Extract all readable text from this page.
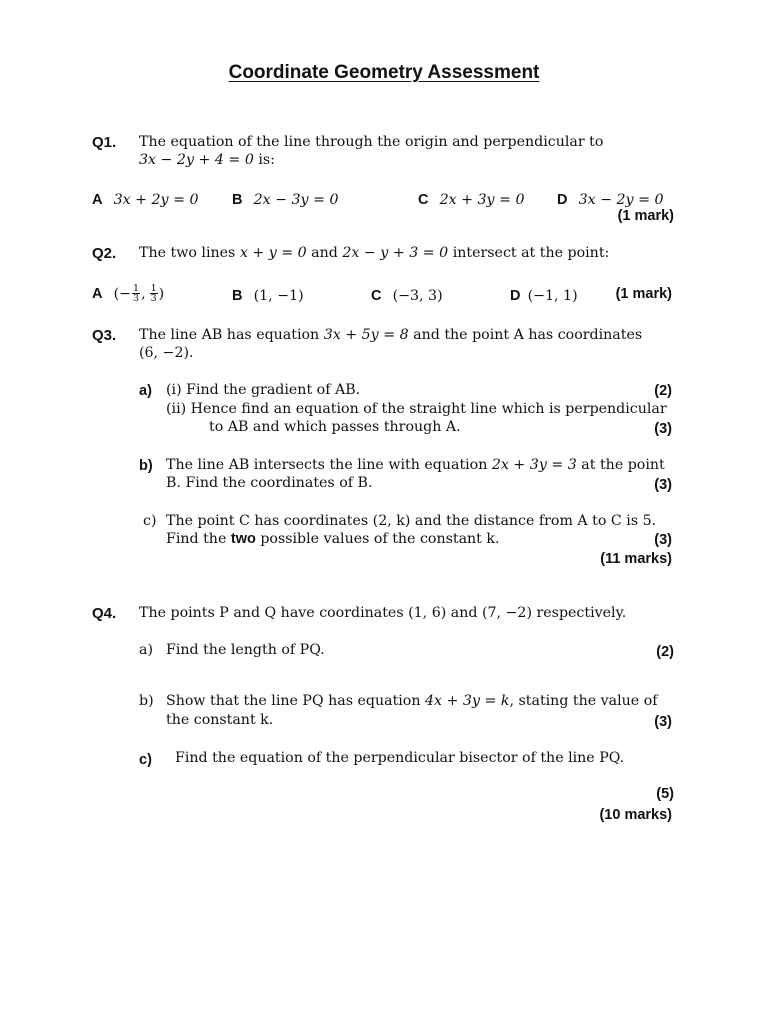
Coordinate Geometry Assessment
Q1. The equation of the line through the origin and perpendicular to
3𝑥 − 2𝑦 + 4 = 0 is:
A 3𝑥 + 2𝑦 = 0 B 2𝑥 − 3𝑦 = 0	C 2𝑥 + 3𝑦 = 0 D 3𝑥 − 2𝑦 = 0
(1 mark)
Q2. The two lines 𝑥 + 𝑦 = 0 and 2𝑥 − 𝑦 + 3 = 0 intersect at the point:
A (− $\frac{1}{3}$ , $\frac{1}{3}$ )	B (1, −1)	C (−3, 3)	D (−1, 1)	(1 mark)
Q3. The line AB has equation 3𝑥 + 5𝑦 = 8 and the point A has coordinates
(6, −2).
a) (i) Find the gradient of AB.	(2)
(ii) Hence find an equation of the straight line which is perpendicular
to AB and which passes through A.	(3)
b) The line AB intersects the line with equation 2𝑥 + 3𝑦 = 3 at the point
B. Find the coordinates of B.	(3)
c) The point C has coordinates (2, k) and the distance from A to C is 5.
Find the two possible values of the constant k.	(3)
(11 marks)
Q4. The points P and Q have coordinates (1, 6) and (7, −2) respectively.
a) Find the length of PQ.	(2)
b) Show that the line PQ has equation 4𝑥 + 3𝑦 = 𝑘, stating the value of
the constant k.	(3)
c) Find the equation of the perpendicular bisector of the line PQ.
(5)
(10 marks)
